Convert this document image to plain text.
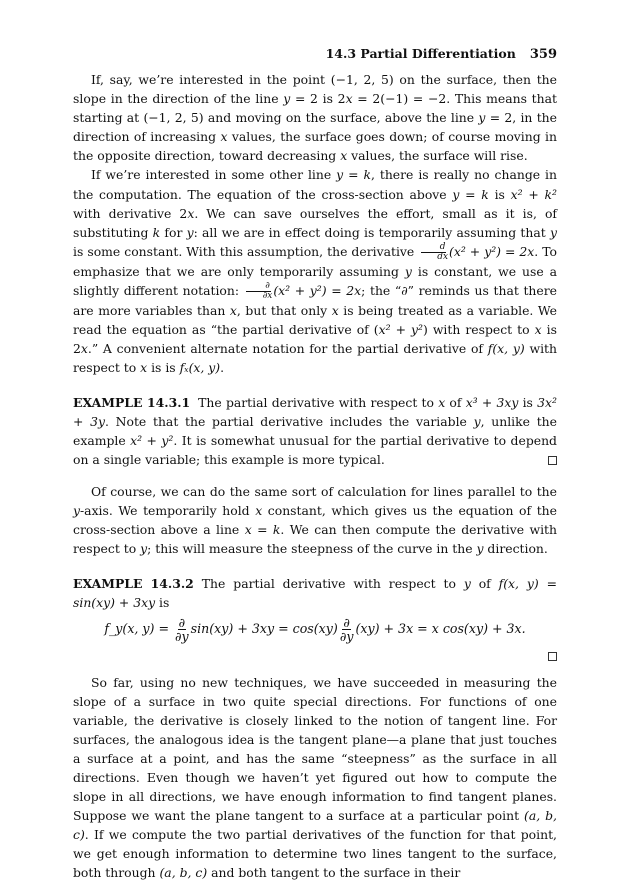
14.3 Partial Differentiation 359

If, say, we’re interested in the point (−1, 2, 5) on the surface, then the slope in the direction of the line y = 2 is 2x = 2(−1) = −2. This means that starting at (−1, 2, 5) and moving on the surface, above the line y = 2, in the direction of increasing x values, the surface goes down; of course moving in the opposite direction, toward decreasing x values, the surface will rise.

If we’re interested in some other line y = k, there is really no change in the computation. The equation of the cross-section above y = k is x² + k² with derivative 2x. We can save ourselves the effort, small as it is, of substituting k for y: all we are in effect doing is temporarily assuming that y is some constant. With this assumption, the derivative $\frac{d}{dx} (x^2 + y^2) = 2x$. To emphasize that we are only temporarily assuming y is constant, we use a slightly different notation: $\frac{\partial}{\partial x} (x^2 + y^2) = 2x$; the “∂” reminds us that there are more variables than x, but that only x is being treated as a variable. We read the equation as “the partial derivative of (x² + y²) with respect to x is 2x.” A convenient alternate notation for the partial derivative of f(x, y) with respect to x is is fₓ(x, y).

EXAMPLE 14.3.1 The partial derivative with respect to x of x³ + 3xy is 3x² + 3y. Note that the partial derivative includes the variable y, unlike the example x² + y². It is somewhat unusual for the partial derivative to depend on a single variable; this example is more typical.

Of course, we can do the same sort of calculation for lines parallel to the y-axis. We temporarily hold x constant, which gives us the equation of the cross-section above a line x = k. We can then compute the derivative with respect to y; this will measure the steepness of the curve in the y direction.

EXAMPLE 14.3.2 The partial derivative with respect to y of f(x, y) = sin(xy) + 3xy is

f_y(x, y) = ∂
∂y
sin(xy) + 3xy = cos(xy) ∂
∂y
(xy) + 3x = x cos(xy) + 3x.

So far, using no new techniques, we have succeeded in measuring the slope of a surface in two quite special directions. For functions of one variable, the derivative is closely linked to the notion of tangent line. For surfaces, the analogous idea is the tangent plane—a plane that just touches a surface at a point, and has the same “steepness” as the surface in all directions. Even though we haven’t yet figured out how to compute the slope in all directions, we have enough information to find tangent planes. Suppose we want the plane tangent to a surface at a particular point (a, b, c). If we compute the two partial derivatives of the function for that point, we get enough information to determine two lines tangent to the surface, both through (a, b, c) and both tangent to the surface in their
